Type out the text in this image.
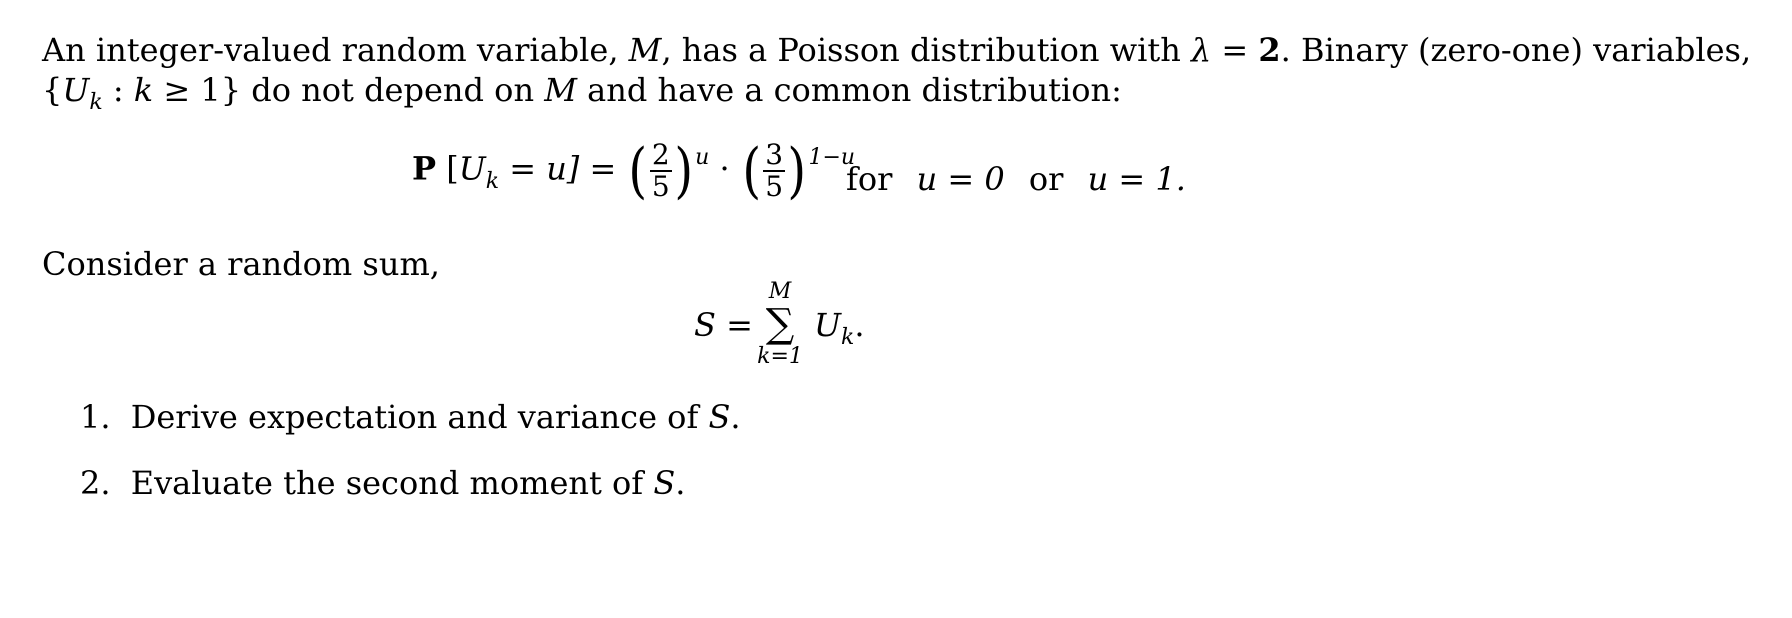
An integer-valued random variable, M, has a Poisson distribution with λ = 2. Binary (zero-one) variables,
{$U_k$ : k ≥ 1} do not depend on M and have a common distribution:
P $[U_k = u]$ = ( $\frac{2}{5}$ ) $^u$ · ( $\frac{3}{5}$ ) $^{1-u}$
for u = 0 or u = 1.
Consider a random sum,
S =
M
∑
k=1
$U_k$.
1. Derive expectation and variance of S.
2. Evaluate the second moment of S.
